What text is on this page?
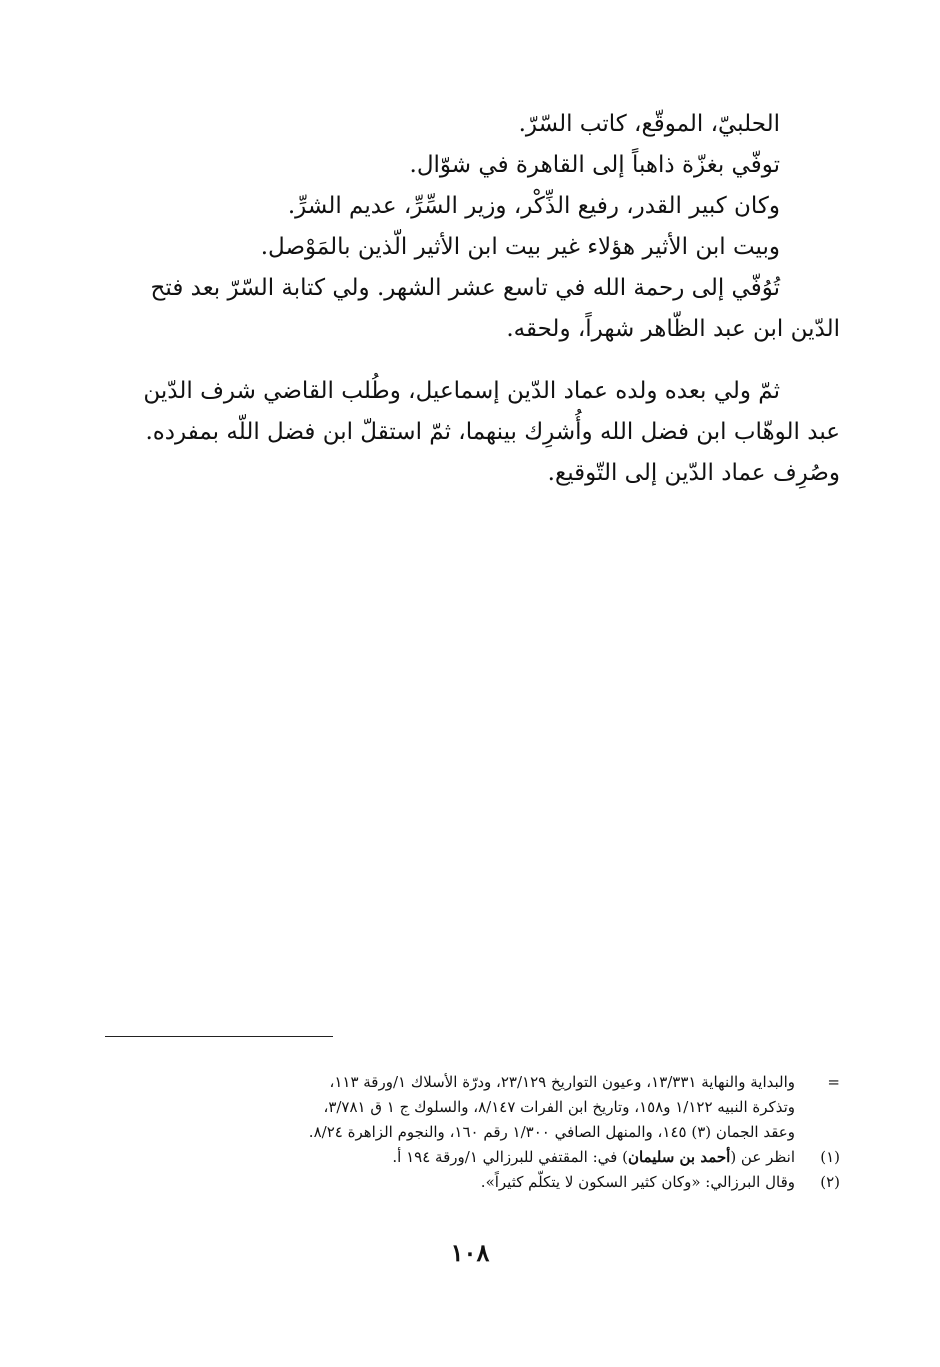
الحلبيّ، الموقّع، كاتب السّرّ.
توفّي بغزّة ذاهباً إلى القاهرة في شوّال.
وكان كبير القدر، رفيع الذِّكْر، وزير السِّرِّ، عديم الشرِّ.
وبيت ابن الأثير هؤلاء غير بيت ابن الأثير الّذين بالمَوْصل.
تُوُفّي إلى رحمة الله في تاسع عشر الشهر. ولي كتابة السّرّ بعد فتح
الدّين ابن عبد الظّاهر شهراً، ولحقه.
ثمّ ولي بعده ولده عماد الدّين إسماعيل، وطُلب القاضي شرف الدّين
عبد الوهّاب ابن فضل الله وأُشرِك بينهما، ثمّ استقلّ ابن فضل اللّه بمفرده.
وصُرِف عماد الدّين إلى التّوقيع.
=
والبداية والنهاية ١٣/٣٣١، وعيون التواريخ ٢٣/١٢٩، ودرّة الأسلاك ١/ورقة ١١٣،
وتذكرة النبيه ١/١٢٢ و١٥٨، وتاريخ ابن الفرات ٨/١٤٧، والسلوك ج ١ ق ٣/٧٨١،
وعقد الجمان (٣) ١٤٥، والمنهل الصافي ١/٣٠٠ رقم ١٦٠، والنجوم الزاهرة ٨/٢٤.
(١)
انظر عن (أحمد بن سليمان) في: المقتفي للبرزالي ١/ورقة ١٩٤ أ.
(٢)
وقال البرزالي: «وكان كثير السكون لا يتكلّم كثيراً».
١٠٨
